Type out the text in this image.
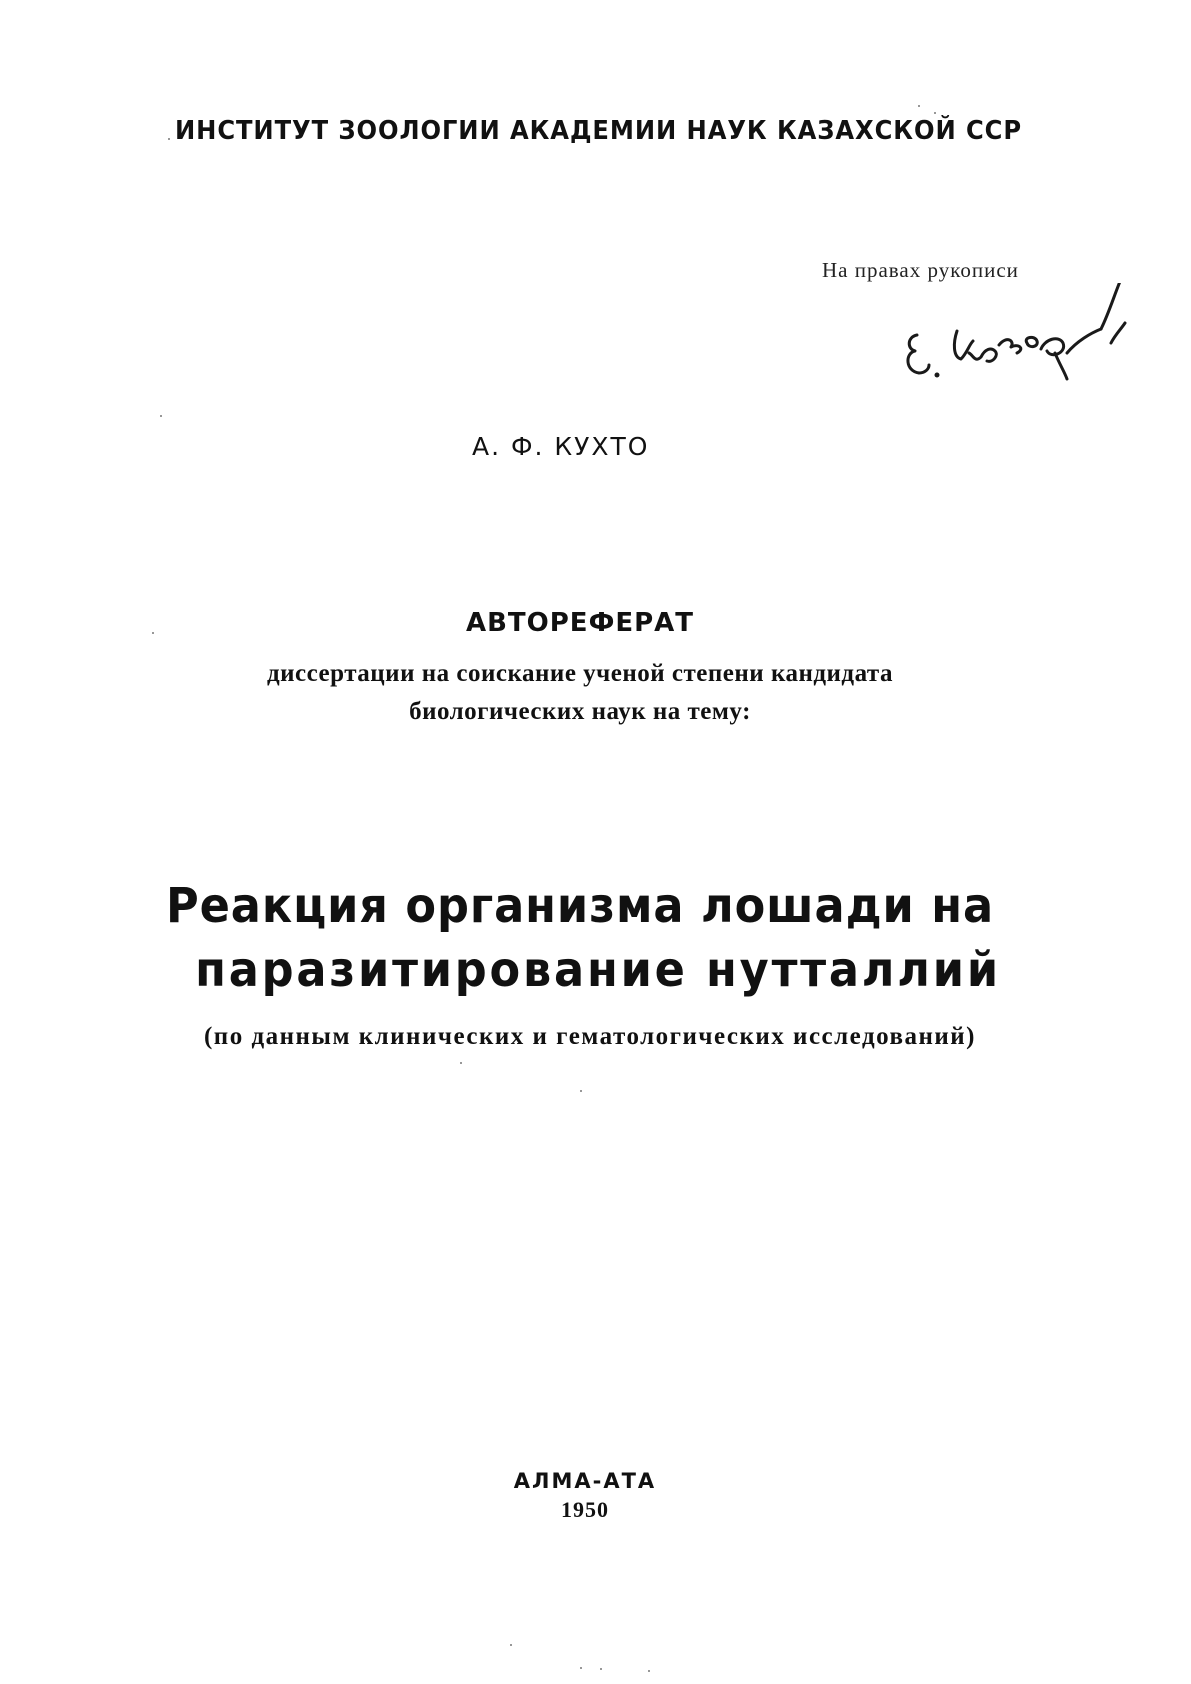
ИНСТИТУТ ЗООЛОГИИ АКАДЕМИИ НАУК КАЗАХСКОЙ ССР
На правах рукописи
А. Ф. КУХТО
АВТОРЕФЕРАТ
диссертации на соискание ученой степени кандидата
биологических наук на тему:
Реакция организма лошади на
паразитирование нутталлий
(по данным клинических и гематологических исследований)
АЛМА-АТА
1950
